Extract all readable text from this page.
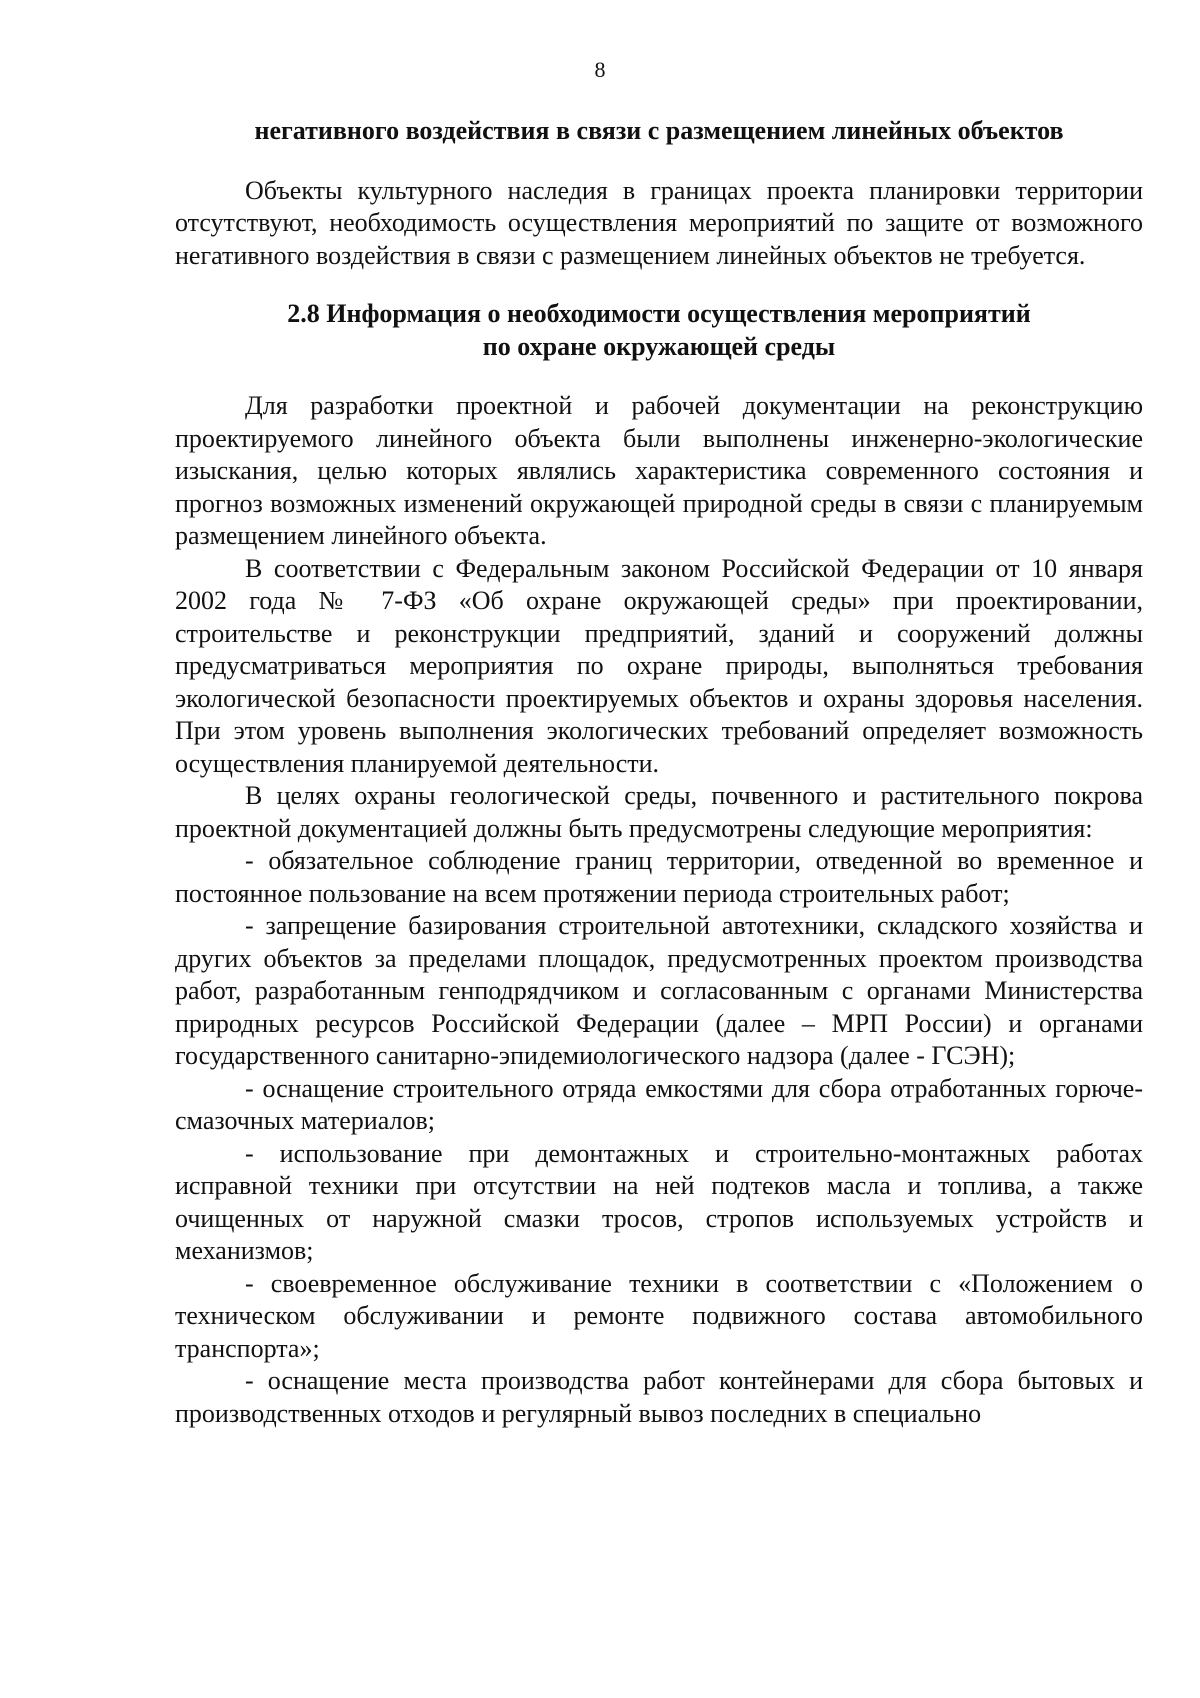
8

негативного воздействия в связи с размещением линейных объектов

Объекты культурного наследия в границах проекта планировки территории отсутствуют, необходимость осуществления мероприятий по защите от возможного негативного воздействия в связи с размещением линейных объектов не требуется.

2.8 Информация о необходимости осуществления мероприятий
по охране окружающей среды

Для разработки проектной и рабочей документации на реконструкцию проектируемого линейного объекта были выполнены инженерно-экологические изыскания, целью которых являлись характеристика современного состояния и прогноз возможных изменений окружающей природной среды в связи с планируемым размещением линейного объекта.

В соответствии с Федеральным законом Российской Федерации от 10 января 2002 года № 7-ФЗ «Об охране окружающей среды» при проектировании, строительстве и реконструкции предприятий, зданий и сооружений должны предусматриваться мероприятия по охране природы, выполняться требования экологической безопасности проектируемых объектов и охраны здоровья населения. При этом уровень выполнения экологических требований определяет возможность осуществления планируемой деятельности.

В целях охраны геологической среды, почвенного и растительного покрова проектной документацией должны быть предусмотрены следующие мероприятия:

- обязательное соблюдение границ территории, отведенной во временное и постоянное пользование на всем протяжении периода строительных работ;

- запрещение базирования строительной автотехники, складского хозяйства и других объектов за пределами площадок, предусмотренных проектом производства работ, разработанным генподрядчиком и согласованным с органами Министерства природных ресурсов Российской Федерации (далее – МРП России) и органами государственного санитарно-эпидемиологического надзора (далее - ГСЭН);

- оснащение строительного отряда емкостями для сбора отработанных горюче-смазочных материалов;

- использование при демонтажных и строительно-монтажных работах исправной техники при отсутствии на ней подтеков масла и топлива, а также очищенных от наружной смазки тросов, стропов используемых устройств и механизмов;

- своевременное обслуживание техники в соответствии с «Положением о техническом обслуживании и ремонте подвижного состава автомобильного транспорта»;

- оснащение места производства работ контейнерами для сбора бытовых и производственных отходов и регулярный вывоз последних в специально
